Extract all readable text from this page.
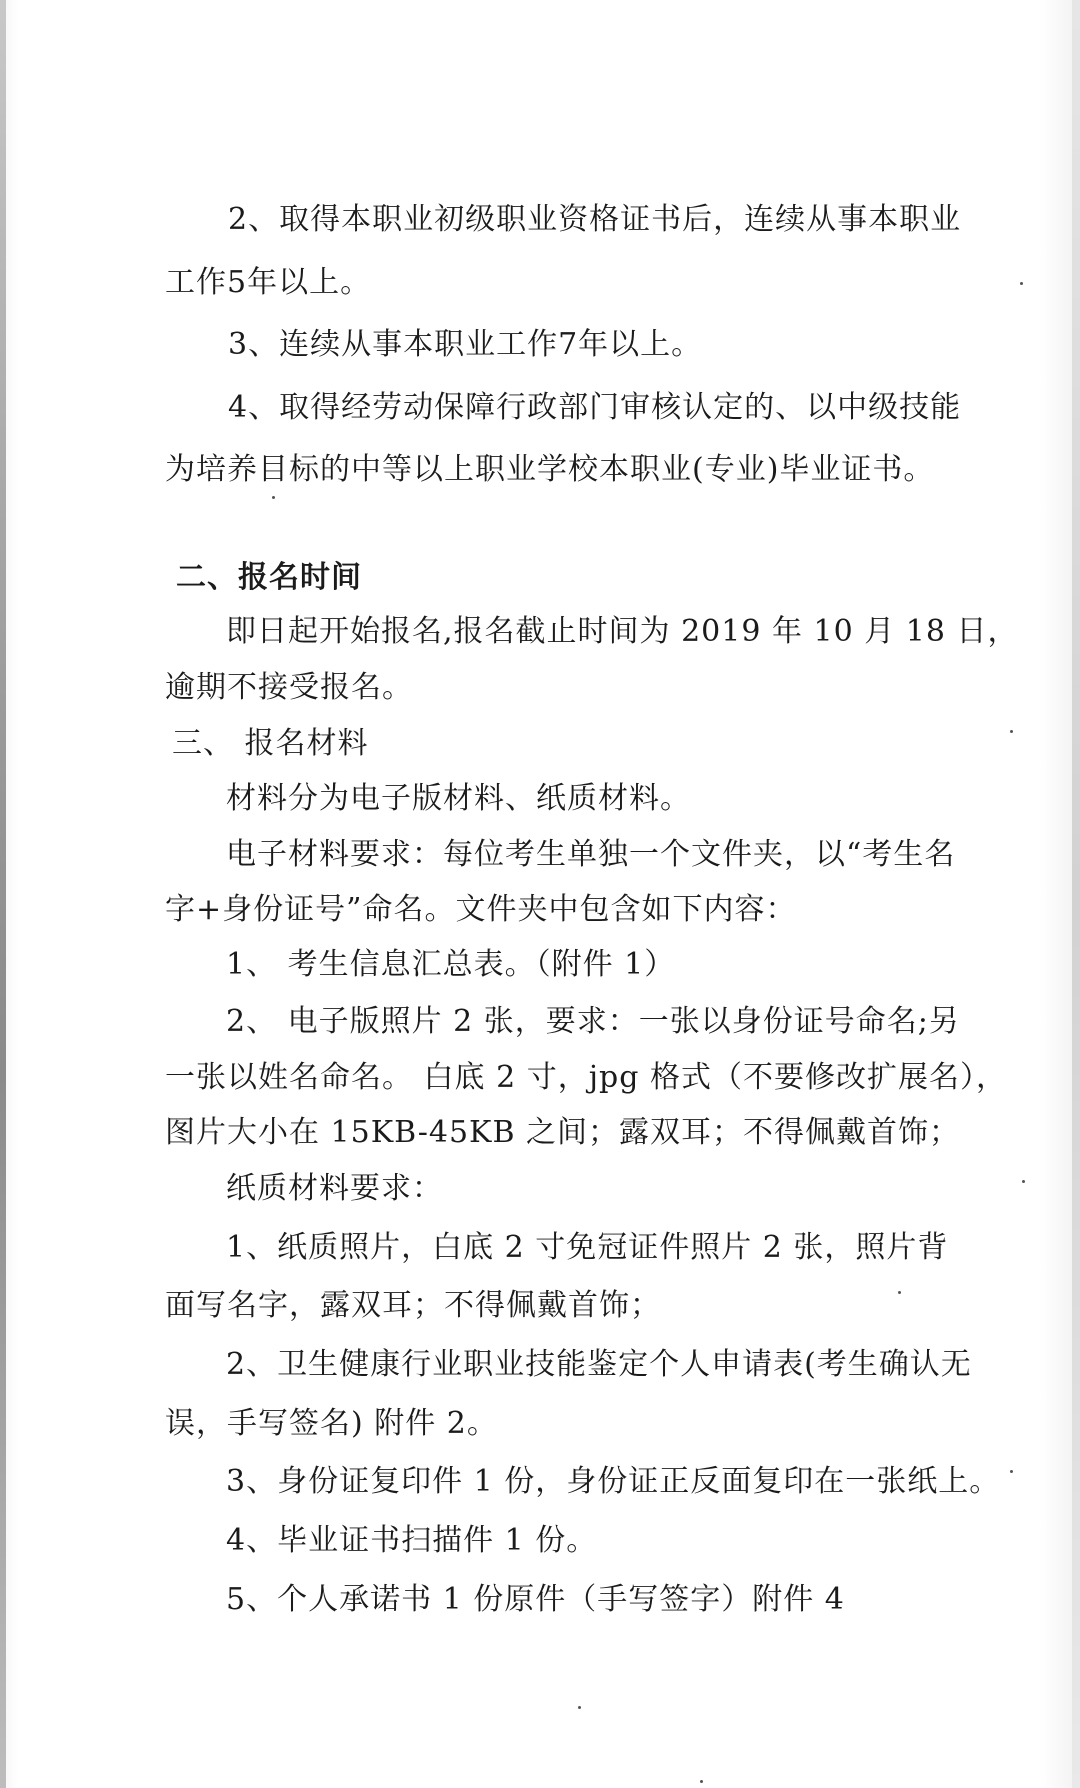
2、取得本职业初级职业资格证书后，连续从事本职业
工作5年以上。
3、连续从事本职业工作7年以上。
4、取得经劳动保障行政部门审核认定的、以中级技能
为培养目标的中等以上职业学校本职业(专业)毕业证书。
二、报名时间
即日起开始报名,报名截止时间为 2019 年 10 月 18 日，
逾期不接受报名。
三、 报名材料
材料分为电子版材料、纸质材料。
电子材料要求：每位考生单独一个文件夹，以“考生名
字+身份证号”命名。文件夹中包含如下内容：
1、 考生信息汇总表。（附件 1）
2、 电子版照片 2 张，要求：一张以身份证号命名;另
一张以姓名命名。 白底 2 寸，jpg 格式（不要修改扩展名），
图片大小在 15KB-45KB 之间；露双耳；不得佩戴首饰；
纸质材料要求：
1、纸质照片，白底 2 寸免冠证件照片 2 张，照片背
面写名字，露双耳；不得佩戴首饰；
2、卫生健康行业职业技能鉴定个人申请表(考生确认无
误，手写签名) 附件 2。
3、身份证复印件 1 份，身份证正反面复印在一张纸上。
4、毕业证书扫描件 1 份。
5、个人承诺书 1 份原件（手写签字）附件 4
